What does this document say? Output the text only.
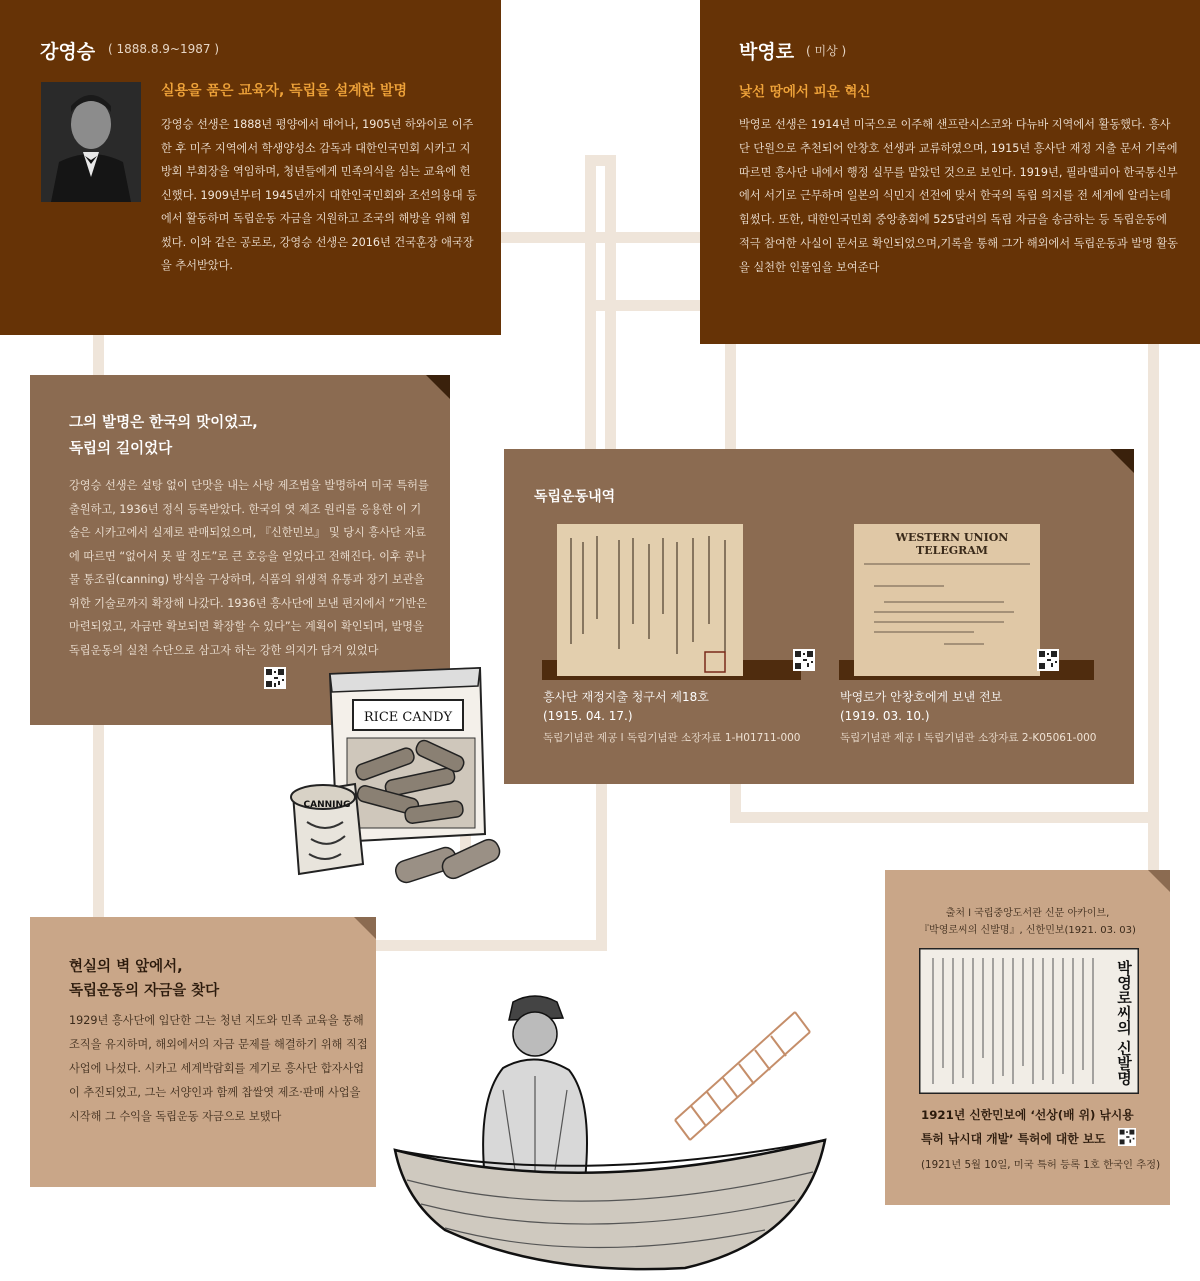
강영승 ( 1888.8.9~1987 )
실용을 품은 교육자, 독립을 설계한 발명

강영승 선생은 1888년 평양에서 태어나, 1905년 하와이로 이주한 후 미주 지역에서 학생양성소 감독과 대한인국민회 시카고 지방회 부회장을 역임하며, 청년들에게 민족의식을 심는 교육에 헌신했다. 1909년부터 1945년까지 대한인국민회와 조선의용대 등에서 활동하며 독립운동 자금을 지원하고 조국의 해방을 위해 힘썼다. 이와 같은 공로로, 강영승 선생은 2016년 건국훈장 애국장을 추서받았다.

박영로 ( 미상 )
낯선 땅에서 피운 혁신

박영로 선생은 1914년 미국으로 이주해 샌프란시스코와 다뉴바 지역에서 활동했다. 흥사단 단원으로 추천되어 안창호 선생과 교류하였으며, 1915년 흥사단 재정 지출 문서 기록에 따르면 흥사단 내에서 행정 실무를 맡았던 것으로 보인다. 1919년, 필라델피아 한국통신부에서 서기로 근무하며 일본의 식민지 선전에 맞서 한국의 독립 의지를 전 세계에 알리는데 힘썼다. 또한, 대한인국민회 중앙총회에 525달러의 독립 자금을 송금하는 등 독립운동에 적극 참여한 사실이 문서로 확인되었으며,기록을 통해 그가 해외에서 독립운동과 발명 활동을 실천한 인물임을 보여준다

그의 발명은 한국의 맛이었고,
독립의 길이었다

강영승 선생은 설탕 없이 단맛을 내는 사탕 제조법을 발명하여 미국 특허를 출원하고, 1936년 정식 등록받았다. 한국의 엿 제조 원리를 응용한 이 기술은 시카고에서 실제로 판매되었으며, 『신한민보』 및 당시 흥사단 자료에 따르면 “없어서 못 팔 정도”로 큰 호응을 얻었다고 전해진다. 이후 콩나물 통조림(canning) 방식을 구상하며, 식품의 위생적 유통과 장기 보관을 위한 기술로까지 확장해 나갔다. 1936년 흥사단에 보낸 편지에서 “기반은 마련되었고, 자금만 확보되면 확장할 수 있다”는 계획이 확인되며, 발명을 독립운동의 실천 수단으로 삼고자 하는 강한 의지가 담겨 있었다

RICE CANDY
CANNING
독립운동내역
흥사단 재정지출 청구서 제18호
(1915. 04. 17.)
독립기념관 제공 l 독립기념관 소장자료 1-H01711-000
WESTERN UNION
TELEGRAM
박영로가 안창호에게 보낸 전보
(1919. 03. 10.)
독립기념관 제공 l 독립기념관 소장자료 2-K05061-000
현실의 벽 앞에서,
독립운동의 자금을 찾다

1929년 흥사단에 입단한 그는 청년 지도와 민족 교육을 통해 조직을 유지하며, 해외에서의 자금 문제를 해결하기 위해 직접 사업에 나섰다. 시카고 세계박람회를 계기로 흥사단 합자사업이 추진되었고, 그는 서양인과 함께 찹쌀엿 제조·판매 사업을 시작해 그 수익을 독립운동 자금으로 보탰다

출처 l 국립중앙도서관 신문 아카이브,
『박영로씨의 신발명』, 신한민보(1921. 03. 03)
박영로씨의 신발명
1921년 신한민보에 ‘선상(배 위) 낚시용
특허 낚시대 개발’ 특허에 대한 보도
(1921년 5월 10일, 미국 특허 등록 1호 한국인 추정)
